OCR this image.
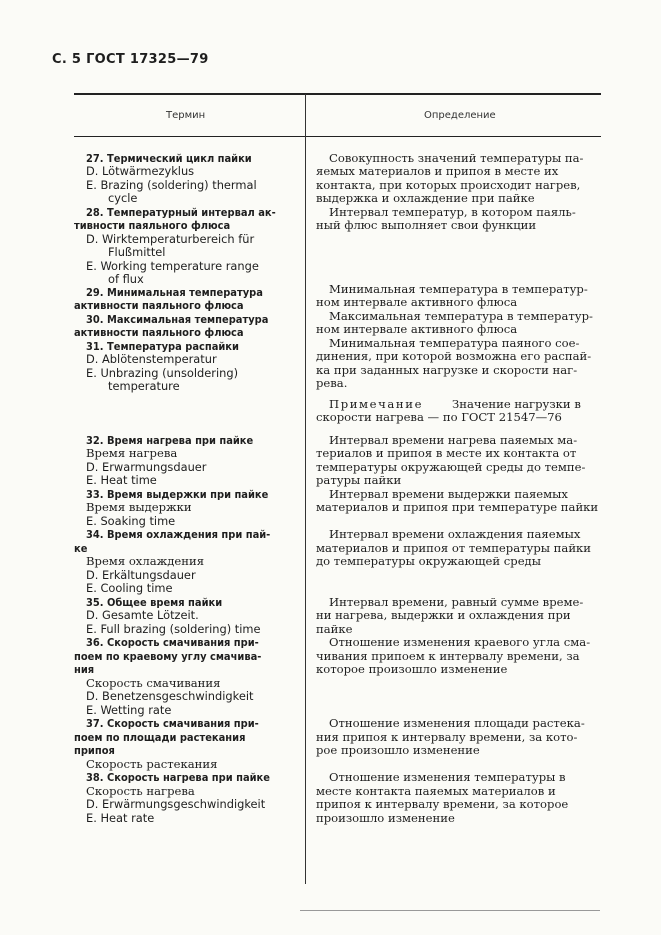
С. 5 ГОСТ 17325—79
Термин	Определение
27. Термический цикл пайки
D. Lötwärmezyklus
E. Brazing (soldering) thermal
cycle
28. Температурный интервал ак-
тивности паяльного флюса
D. Wirktemperaturbereich für
Flußmittel
E. Working temperature range
of flux
29. Минимальная температура
активности паяльного флюса
30. Максимальная температура
активности паяльного флюса
31. Температура распайки
D. Ablötenstemperatur
E. Unbrazing (unsoldering)
temperature
32. Время нагрева при пайке
Время нагрева
D. Erwarmungsdauer
E. Heat time
33. Время выдержки при пайке
Время выдержки
E. Soaking time
34. Время охлаждения при пай-
ке
Время охлаждения
D. Erkältungsdauer
E. Cooling time
35. Общее время пайки
D. Gesamte Lötzeit.
E. Full brazing (soldering) time
36. Скорость смачивания при-
поем по краевому углу смачива-
ния
Скорость смачивания
D. Benetzensgeschwindigkeit
E. Wetting rate
37. Скорость смачивания при-
поем по площади растекания
припоя
Скорость растекания
38. Скорость нагрева при пайке
Скорость нагрева
D. Erwärmungsgeschwindigkeit
E. Heat rate
Совокупность значений температуры па-
яемых материалов и припоя в месте их
контакта, при которых происходит нагрев,
выдержка и охлаждение при пайке
Интервал температур, в котором паяль-
ный флюс выполняет свои функции
Минимальная температура в температур-
ном интервале активного флюса
Максимальная температура в температур-
ном интервале активного флюса
Минимальная температура паяного сое-
динения, при которой возможна его распай-
ка при заданных нагрузке и скорости наг-
рева.
Примечание Значение нагрузки в
скорости нагрева — по ГОСТ 21547—76
Интервал времени нагрева паяемых ма-
териалов и припоя в месте их контакта от
температуры окружающей среды до темпе-
ратуры пайки
Интервал времени выдержки паяемых
материалов и припоя при температуре пайки
Интервал времени охлаждения паяемых
материалов и припоя от температуры пайки
до температуры окружающей среды
Интервал времени, равный сумме време-
ни нагрева, выдержки и охлаждения при
пайке
Отношение изменения краевого угла сма-
чивания припоем к интервалу времени, за
которое произошло изменение
Отношение изменения площади растека-
ния припоя к интервалу времени, за кото-
рое произошло изменение
Отношение изменения температуры в
месте контакта паяемых материалов и
припоя к интервалу времени, за которое
произошло изменение
